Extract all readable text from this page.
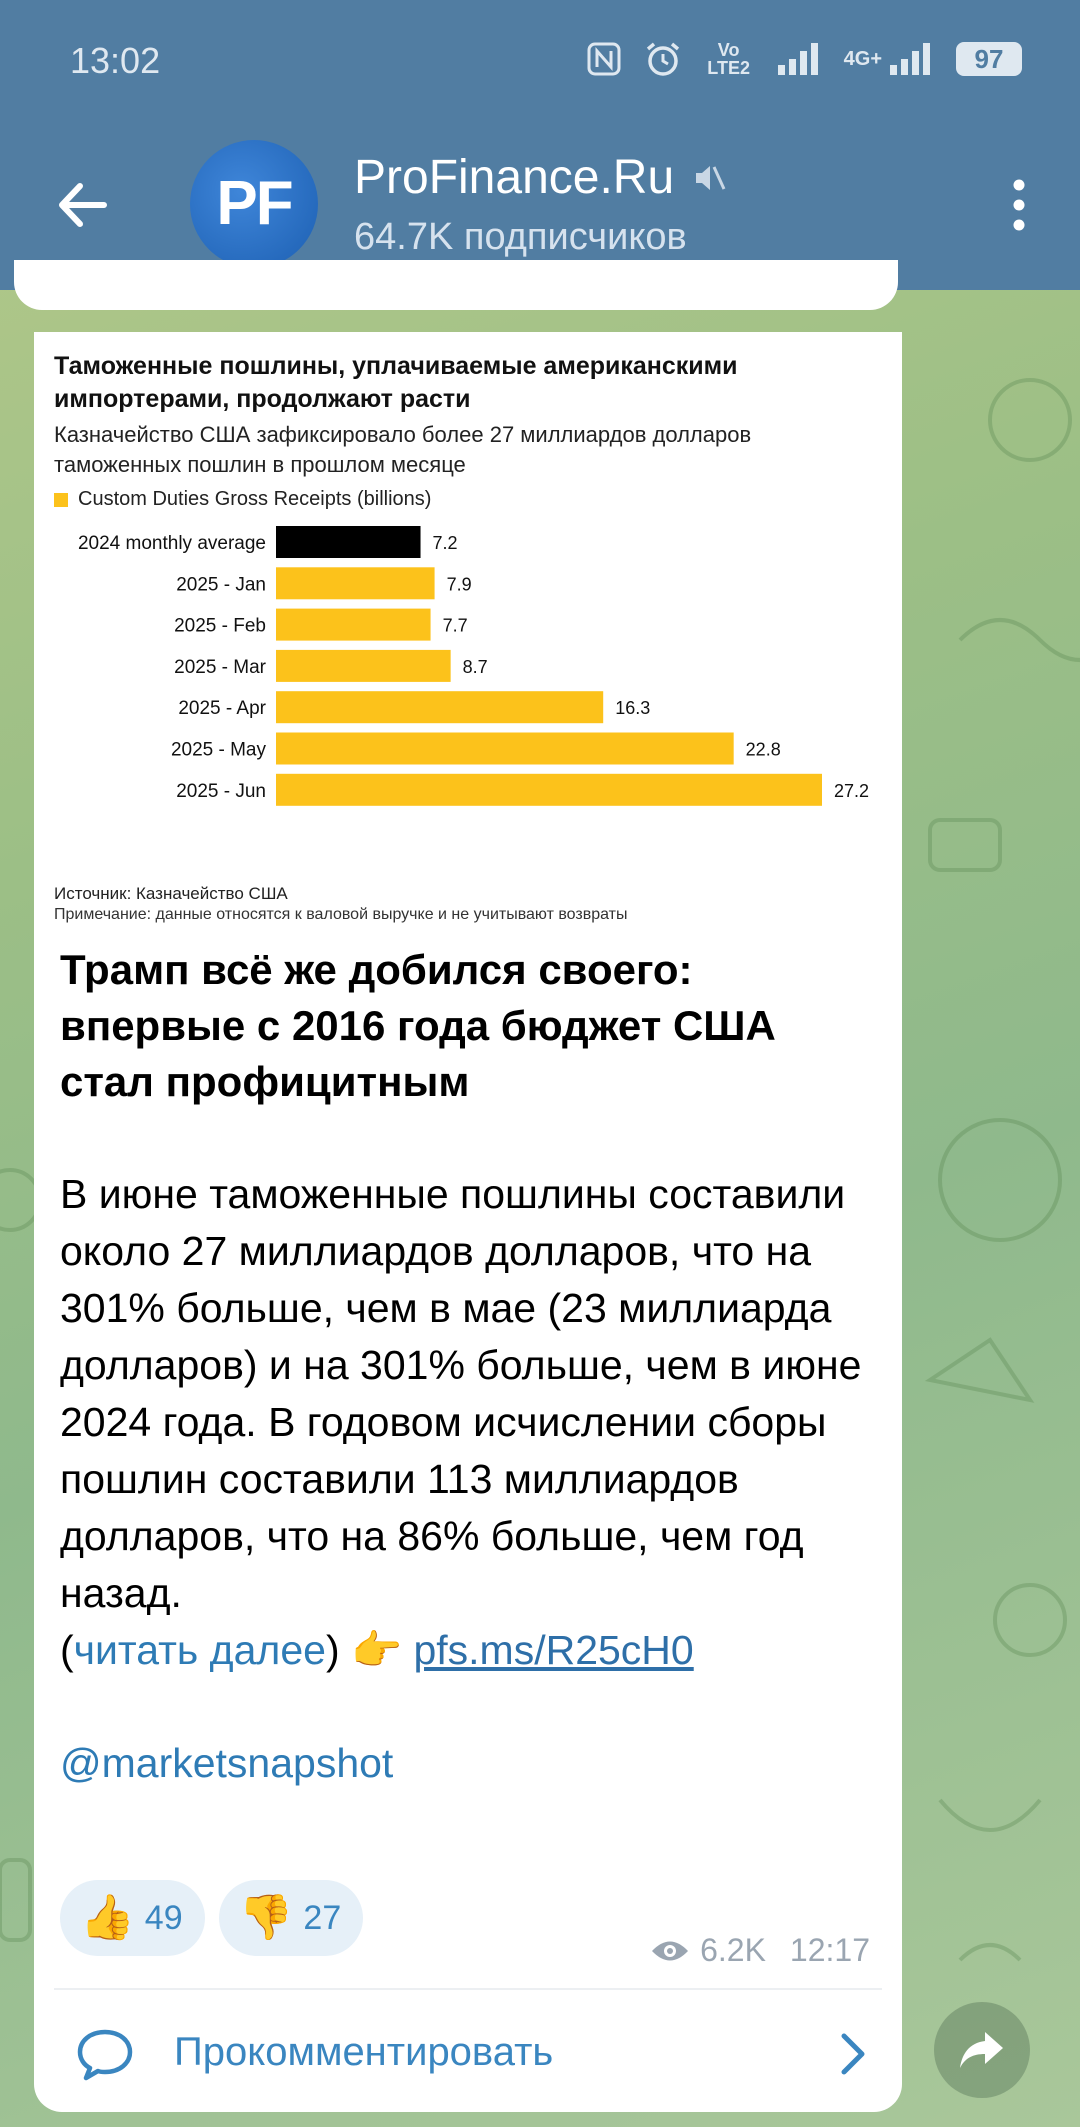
13:02	Vo LTE2	4G+	97
PF	ProFinance.Ru
64.7K подписчиков
Таможенные пошлины, уплачиваемые американскими импортерами, продолжают расти
Казначейство США зафиксировало более 27 миллиардов долларов таможенных пошлин в прошлом месяце
Custom Duties Gross Receipts (billions)
2024 monthly average	7.2
2025 - Jan	7.9
2025 - Feb	7.7
2025 - Mar	8.7
2025 - Apr	16.3
2025 - May	22.8
2025 - Jun	27.2
Источник: Казначейство США
Примечание: данные относятся к валовой выручке и не учитывают возвраты
Трамп всё же добился своего: впервые с 2016 года бюджет США стал профицитным
В июне таможенные пошлины составили около 27 миллиардов долларов, что на 301% больше, чем в мае (23 миллиарда долларов) и на 301% больше, чем в июне 2024 года. В годовом исчислении сборы пошлин составили 113 миллиардов долларов, что на 86% больше, чем год назад.
(читать далее) 👉 pfs.ms/R25cH0
@marketsnapshot
👍 49 👎 27
6.2K 12:17
Прокомментировать
